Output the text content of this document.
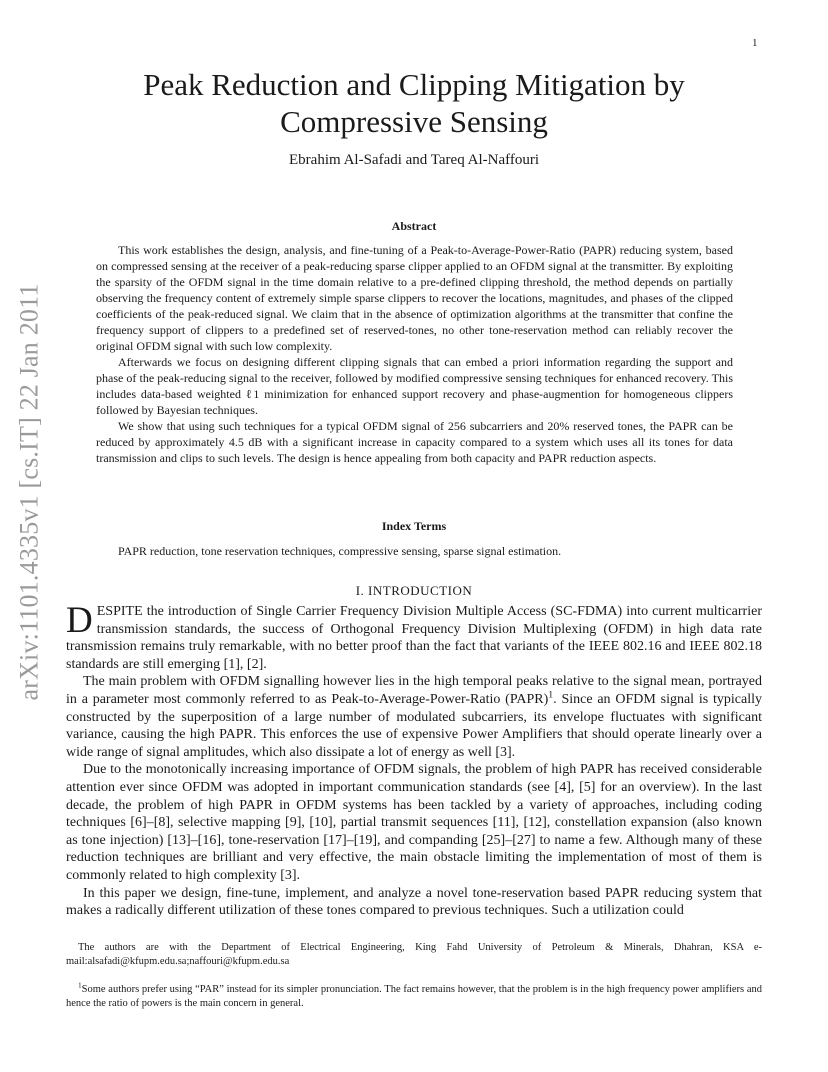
1
arXiv:1101.4335v1 [cs.IT] 22 Jan 2011
Peak Reduction and Clipping Mitigation by
Compressive Sensing
Ebrahim Al-Safadi and Tareq Al-Naffouri
Abstract

This work establishes the design, analysis, and fine-tuning of a Peak-to-Average-Power-Ratio (PAPR) reducing system, based on compressed sensing at the receiver of a peak-reducing sparse clipper applied to an OFDM signal at the transmitter. By exploiting the sparsity of the OFDM signal in the time domain relative to a pre-defined clipping threshold, the method depends on partially observing the frequency content of extremely simple sparse clippers to recover the locations, magnitudes, and phases of the clipped coefficients of the peak-reduced signal. We claim that in the absence of optimization algorithms at the transmitter that confine the frequency support of clippers to a predefined set of reserved-tones, no other tone-reservation method can reliably recover the original OFDM signal with such low complexity.

Afterwards we focus on designing different clipping signals that can embed a priori information regarding the support and phase of the peak-reducing signal to the receiver, followed by modified compressive sensing techniques for enhanced recovery. This includes data-based weighted ℓ1 minimization for enhanced support recovery and phase-augmention for homogeneous clippers followed by Bayesian techniques.

We show that using such techniques for a typical OFDM signal of 256 subcarriers and 20% reserved tones, the PAPR can be reduced by approximately 4.5 dB with a significant increase in capacity compared to a system which uses all its tones for data transmission and clips to such levels. The design is hence appealing from both capacity and PAPR reduction aspects.

Index Terms

PAPR reduction, tone reservation techniques, compressive sensing, sparse signal estimation.

I. INTRODUCTION

DESPITE the introduction of Single Carrier Frequency Division Multiple Access (SC-FDMA) into current multicarrier transmission standards, the success of Orthogonal Frequency Division Multiplexing (OFDM) in high data rate transmission remains truly remarkable, with no better proof than the fact that variants of the IEEE 802.16 and IEEE 802.18 standards are still emerging [1], [2].

The main problem with OFDM signalling however lies in the high temporal peaks relative to the signal mean, portrayed in a parameter most commonly referred to as Peak-to-Average-Power-Ratio (PAPR)$^1$. Since an OFDM signal is typically constructed by the superposition of a large number of modulated subcarriers, its envelope fluctuates with significant variance, causing the high PAPR. This enforces the use of expensive Power Amplifiers that should operate linearly over a wide range of signal amplitudes, which also dissipate a lot of energy as well [3].

Due to the monotonically increasing importance of OFDM signals, the problem of high PAPR has received considerable attention ever since OFDM was adopted in important communication standards (see [4], [5] for an overview). In the last decade, the problem of high PAPR in OFDM systems has been tackled by a variety of approaches, including coding techniques [6]–[8], selective mapping [9], [10], partial transmit sequences [11], [12], constellation expansion (also known as tone injection) [13]–[16], tone-reservation [17]–[19], and companding [25]–[27] to name a few. Although many of these reduction techniques are brilliant and very effective, the main obstacle limiting the implementation of most of them is commonly related to high complexity [3].

In this paper we design, fine-tune, implement, and analyze a novel tone-reservation based PAPR reducing system that makes a radically different utilization of these tones compared to previous techniques. Such a utilization could

The authors are with the Department of Electrical Engineering, King Fahd University of Petroleum & Minerals, Dhahran, KSA e-mail:alsafadi@kfupm.edu.sa;naffouri@kfupm.edu.sa

$^1$Some authors prefer using “PAR” instead for its simpler pronunciation. The fact remains however, that the problem is in the high frequency power amplifiers and hence the ratio of powers is the main concern in general.
